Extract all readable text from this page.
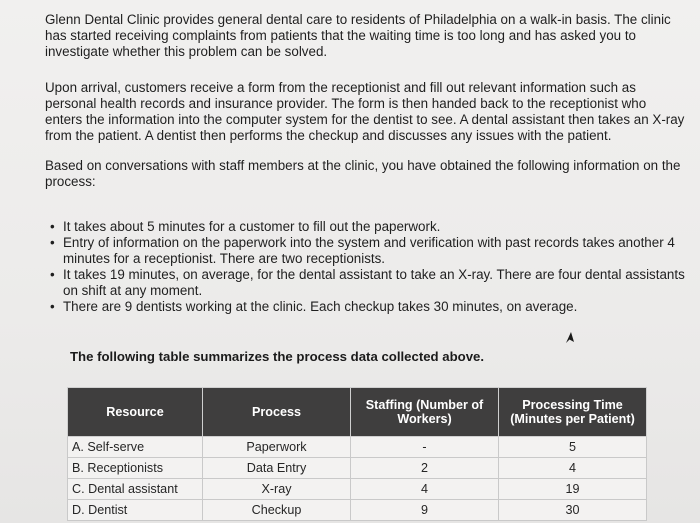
Glenn Dental Clinic provides general dental care to residents of Philadelphia on a walk-in basis. The clinic has started receiving complaints from patients that the waiting time is too long and has asked you to investigate whether this problem can be solved.

Upon arrival, customers receive a form from the receptionist and fill out relevant information such as personal health records and insurance provider. The form is then handed back to the receptionist who enters the information into the computer system for the dentist to see. A dental assistant then takes an X-ray from the patient. A dentist then performs the checkup and discusses any issues with the patient.

Based on conversations with staff members at the clinic, you have obtained the following information on the process:

• It takes about 5 minutes for a customer to fill out the paperwork.
• Entry of information on the paperwork into the system and verification with past records takes another 4 minutes for a receptionist. There are two receptionists.
• It takes 19 minutes, on average, for the dental assistant to take an X-ray. There are four dental assistants on shift at any moment.
• There are 9 dentists working at the clinic. Each checkup takes 30 minutes, on average.

The following table summarizes the process data collected above.

Resource	Process	Staffing (Number of Workers)	Processing Time (Minutes per Patient)
A. Self-serve	Paperwork	-	5
B. Receptionists	Data Entry	2	4
C. Dental assistant	X-ray	4	19
D. Dentist	Checkup	9	30
